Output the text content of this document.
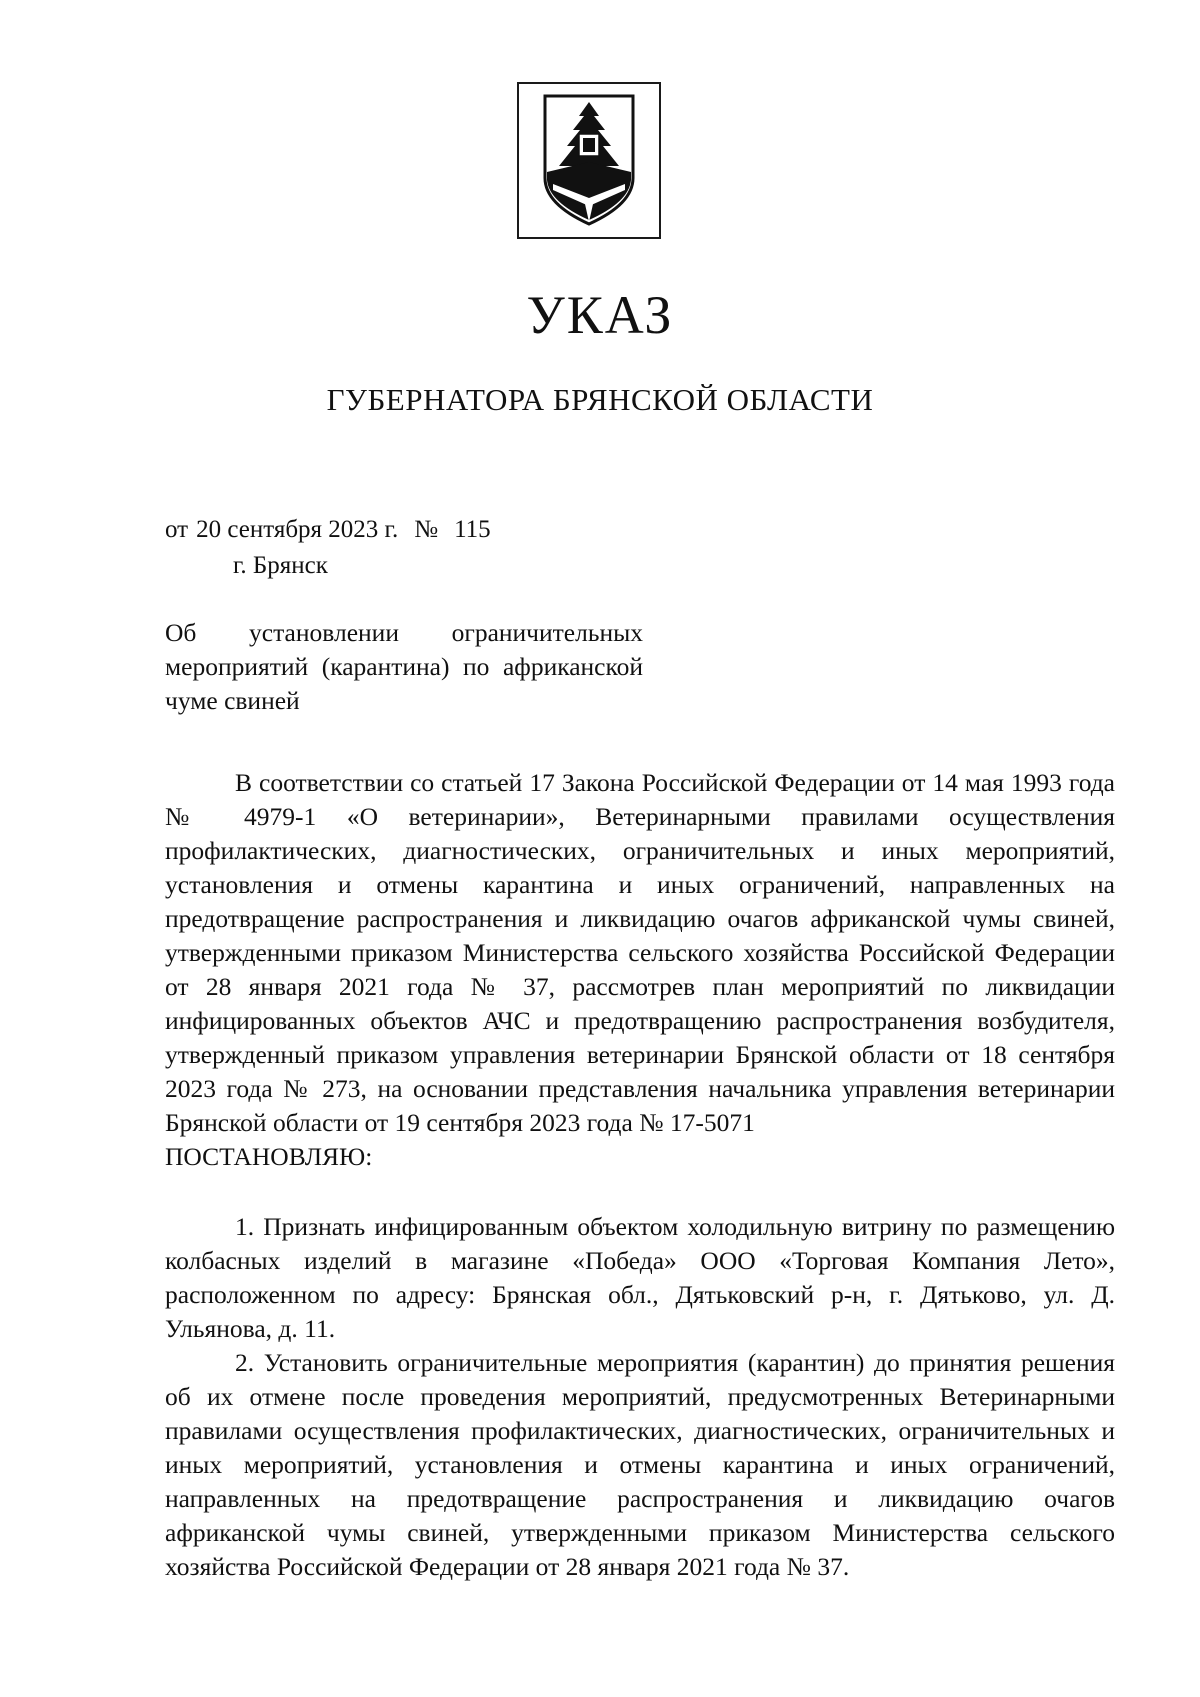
УКАЗ
ГУБЕРНАТОРА БРЯНСКОЙ ОБЛАСТИ
от 20 сентября 2023 г. № 115
г. Брянск
Об установлении ограничительных мероприятий (карантина) по африканской чуме свиней

В соответствии со статьей 17 Закона Российской Федерации от 14 мая 1993 года № 4979-1 «О ветеринарии», Ветеринарными правилами осуществления профилактических, диагностических, ограничительных и иных мероприятий, установления и отмены карантина и иных ограничений, направленных на предотвращение распространения и ликвидацию очагов африканской чумы свиней, утвержденными приказом Министерства сельского хозяйства Российской Федерации от 28 января 2021 года № 37, рассмотрев план мероприятий по ликвидации инфицированных объектов АЧС и предотвращению распространения возбудителя, утвержденный приказом управления ветеринарии Брянской области от 18 сентября 2023 года № 273, на основании представления начальника управления ветеринарии Брянской области от 19 сентября 2023 года № 17-5071

ПОСТАНОВЛЯЮ:

1. Признать инфицированным объектом холодильную витрину по размещению колбасных изделий в магазине «Победа» ООО «Торговая Компания Лето», расположенном по адресу: Брянская обл., Дятьковский р-н, г. Дятьково, ул. Д. Ульянова, д. 11.

2. Установить ограничительные мероприятия (карантин) до принятия решения об их отмене после проведения мероприятий, предусмотренных Ветеринарными правилами осуществления профилактических, диагностических, ограничительных и иных мероприятий, установления и отмены карантина и иных ограничений, направленных на предотвращение распространения и ликвидацию очагов африканской чумы свиней, утвержденными приказом Министерства сельского хозяйства Российской Федерации от 28 января 2021 года № 37.
